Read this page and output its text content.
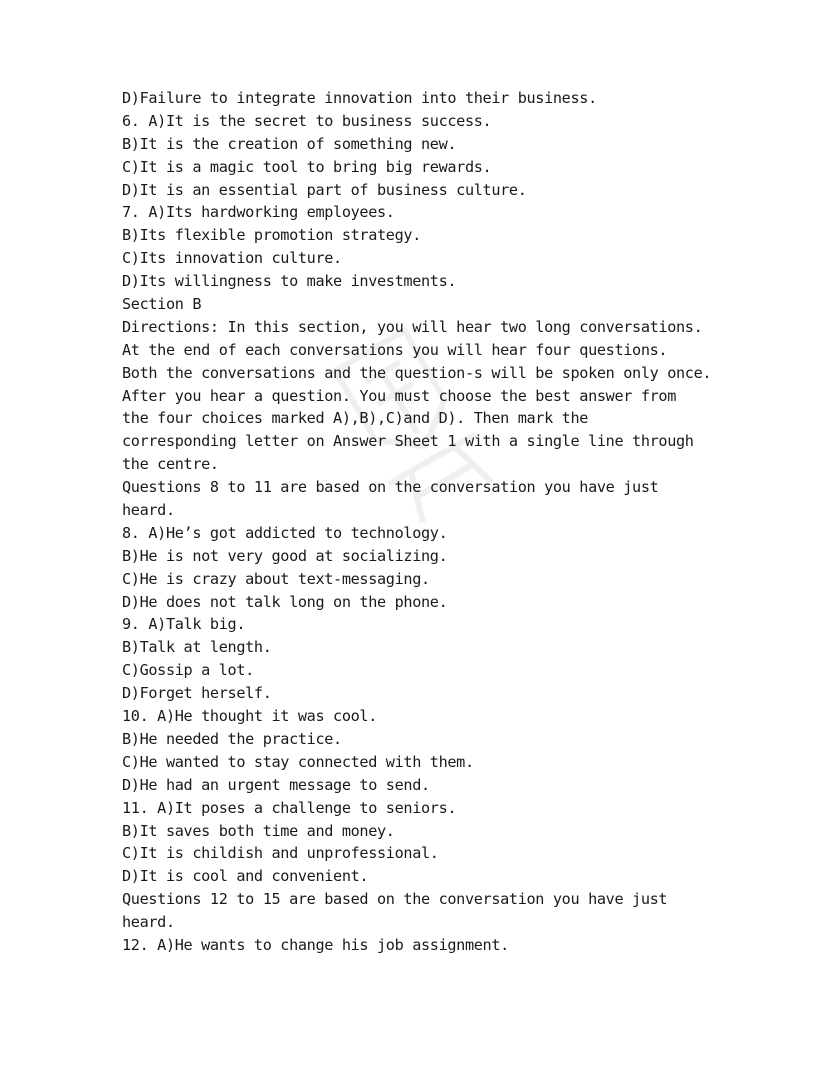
D)Failure to integrate innovation into their business.
6. A)It is the secret to business success.
B)It is the creation of something new.
C)It is a magic tool to bring big rewards.
D)It is an essential part of business culture.
7. A)Its hardworking employees.
B)Its flexible promotion strategy.
C)Its innovation culture.
D)Its willingness to make investments.
Section B
Directions: In this section, you will hear two long conversations.
At the end of each conversations you will hear four questions.
Both the conversations and the question-s will be spoken only once.
After you hear a question. You must choose the best answer from
the four choices marked A),B),C)and D). Then mark the
corresponding letter on Answer Sheet 1 with a single line through
the centre.
Questions 8 to 11 are based on the conversation you have just
heard.
8. A)He’s got addicted to technology.
B)He is not very good at socializing.
C)He is crazy about text-messaging.
D)He does not talk long on the phone.
9. A)Talk big.
B)Talk at length.
C)Gossip a lot.
D)Forget herself.
10. A)He thought it was cool.
B)He needed the practice.
C)He wanted to stay connected with them.
D)He had an urgent message to send.
11. A)It poses a challenge to seniors.
B)It saves both time and money.
C)It is childish and unprofessional.
D)It is cool and convenient.
Questions 12 to 15 are based on the conversation you have just
heard.
12. A)He wants to change his job assignment.
